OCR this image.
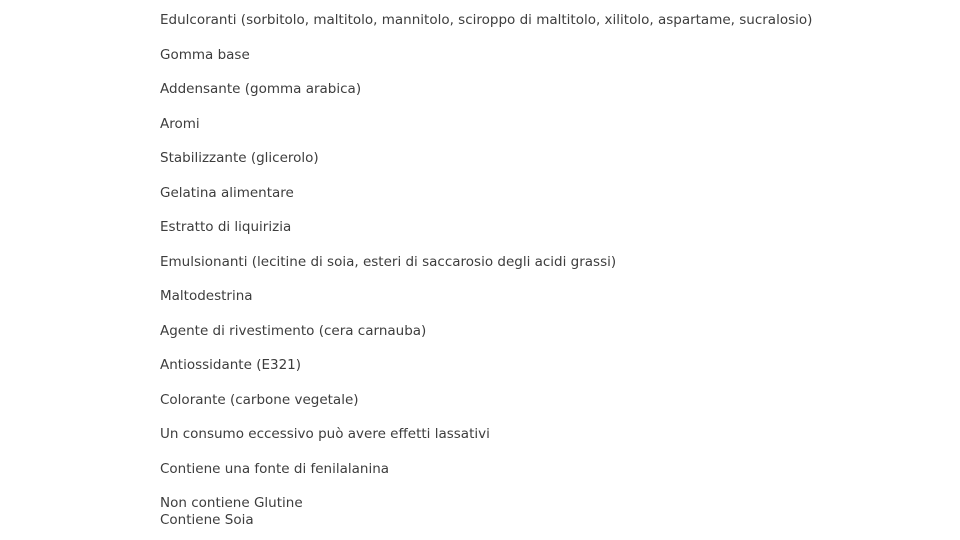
Edulcoranti (sorbitolo, maltitolo, mannitolo, sciroppo di maltitolo, xilitolo, aspartame, sucralosio)
Gomma base
Addensante (gomma arabica)
Aromi
Stabilizzante (glicerolo)
Gelatina alimentare
Estratto di liquirizia
Emulsionanti (lecitine di soia, esteri di saccarosio degli acidi grassi)
Maltodestrina
Agente di rivestimento (cera carnauba)
Antiossidante (E321)
Colorante (carbone vegetale)
Un consumo eccessivo può avere effetti lassativi
Contiene una fonte di fenilalanina
Non contiene Glutine
Contiene Soia
